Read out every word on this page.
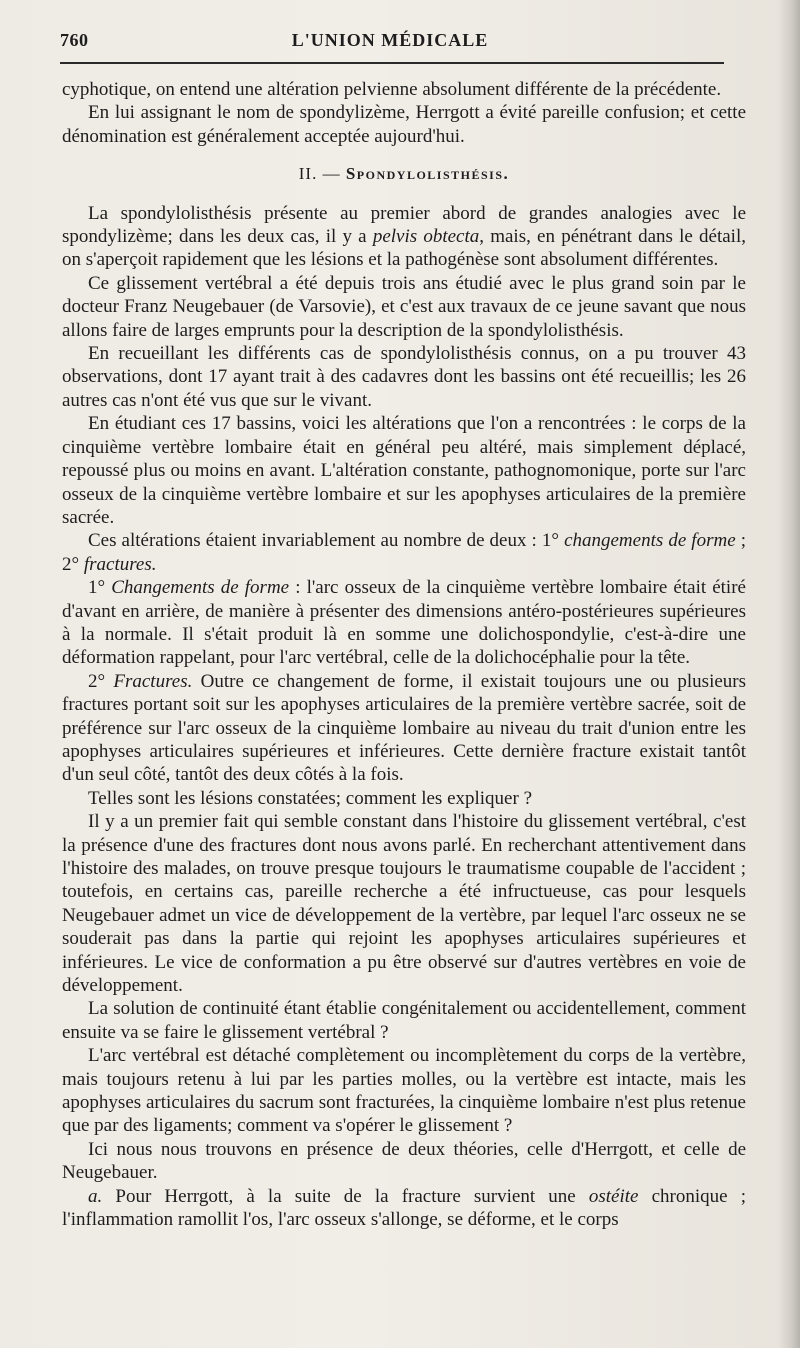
760	L'UNION MÉDICALE

cyphotique, on entend une altération pelvienne absolument différente de la précédente.

En lui assignant le nom de spondylizème, Herrgott a évité pareille confusion; et cette dénomination est généralement acceptée aujourd'hui.

II. — Spondylolisthésis.

La spondylolisthésis présente au premier abord de grandes analogies avec le spondylizème; dans les deux cas, il y a pelvis obtecta, mais, en pénétrant dans le détail, on s'aperçoit rapidement que les lésions et la pathogénèse sont absolument différentes.

Ce glissement vertébral a été depuis trois ans étudié avec le plus grand soin par le docteur Franz Neugebauer (de Varsovie), et c'est aux travaux de ce jeune savant que nous allons faire de larges emprunts pour la description de la spondylolisthésis.

En recueillant les différents cas de spondylolisthésis connus, on a pu trouver 43 observations, dont 17 ayant trait à des cadavres dont les bassins ont été recueillis; les 26 autres cas n'ont été vus que sur le vivant.

En étudiant ces 17 bassins, voici les altérations que l'on a rencontrées : le corps de la cinquième vertèbre lombaire était en général peu altéré, mais simplement déplacé, repoussé plus ou moins en avant. L'altération constante, pathognomonique, porte sur l'arc osseux de la cinquième vertèbre lombaire et sur les apophyses articulaires de la première sacrée.

Ces altérations étaient invariablement au nombre de deux : 1° changements de forme ; 2° fractures.

1° Changements de forme : l'arc osseux de la cinquième vertèbre lombaire était étiré d'avant en arrière, de manière à présenter des dimensions antéro-postérieures supérieures à la normale. Il s'était produit là en somme une dolichospondylie, c'est-à-dire une déformation rappelant, pour l'arc vertébral, celle de la dolichocéphalie pour la tête.

2° Fractures. Outre ce changement de forme, il existait toujours une ou plusieurs fractures portant soit sur les apophyses articulaires de la première vertèbre sacrée, soit de préférence sur l'arc osseux de la cinquième lombaire au niveau du trait d'union entre les apophyses articulaires supérieures et inférieures. Cette dernière fracture existait tantôt d'un seul côté, tantôt des deux côtés à la fois.

Telles sont les lésions constatées; comment les expliquer ?

Il y a un premier fait qui semble constant dans l'histoire du glissement vertébral, c'est la présence d'une des fractures dont nous avons parlé. En recherchant attentivement dans l'histoire des malades, on trouve presque toujours le traumatisme coupable de l'accident ; toutefois, en certains cas, pareille recherche a été infructueuse, cas pour lesquels Neugebauer admet un vice de développement de la vertèbre, par lequel l'arc osseux ne se souderait pas dans la partie qui rejoint les apophyses articulaires supérieures et inférieures. Le vice de conformation a pu être observé sur d'autres vertèbres en voie de développement.

La solution de continuité étant établie congénitalement ou accidentellement, comment ensuite va se faire le glissement vertébral ?

L'arc vertébral est détaché complètement ou incomplètement du corps de la vertèbre, mais toujours retenu à lui par les parties molles, ou la vertèbre est intacte, mais les apophyses articulaires du sacrum sont fracturées, la cinquième lombaire n'est plus retenue que par des ligaments; comment va s'opérer le glissement ?

Ici nous nous trouvons en présence de deux théories, celle d'Herrgott, et celle de Neugebauer.

a. Pour Herrgott, à la suite de la fracture survient une ostéite chronique ; l'inflammation ramollit l'os, l'arc osseux s'allonge, se déforme, et le corps
